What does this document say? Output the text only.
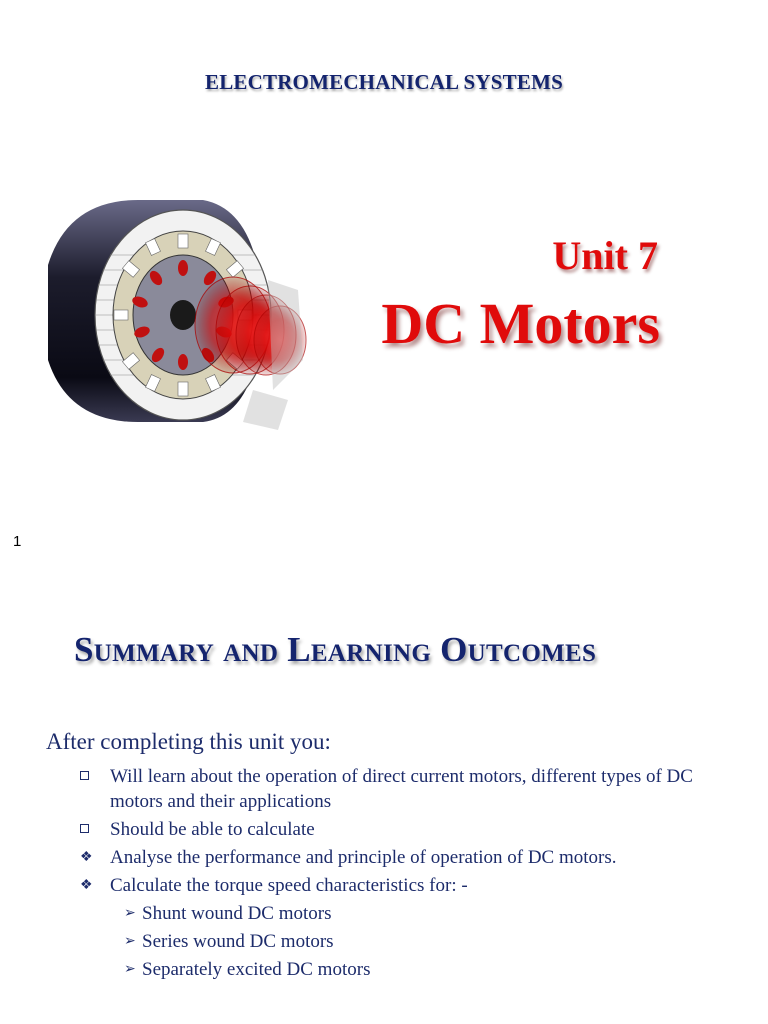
ELECTROMECHANICAL SYSTEMS
Unit 7
DC Motors
1
Summary and Learning Outcomes
After completing this unit you:
Will learn about the operation of direct current motors, different types of DC motors and their applications
Should be able to calculate
❖ Analyse the performance and principle of operation of DC motors.
❖ Calculate the torque speed characteristics for: -
➢ Shunt wound DC motors
➢ Series wound DC motors
➢ Separately excited DC motors
